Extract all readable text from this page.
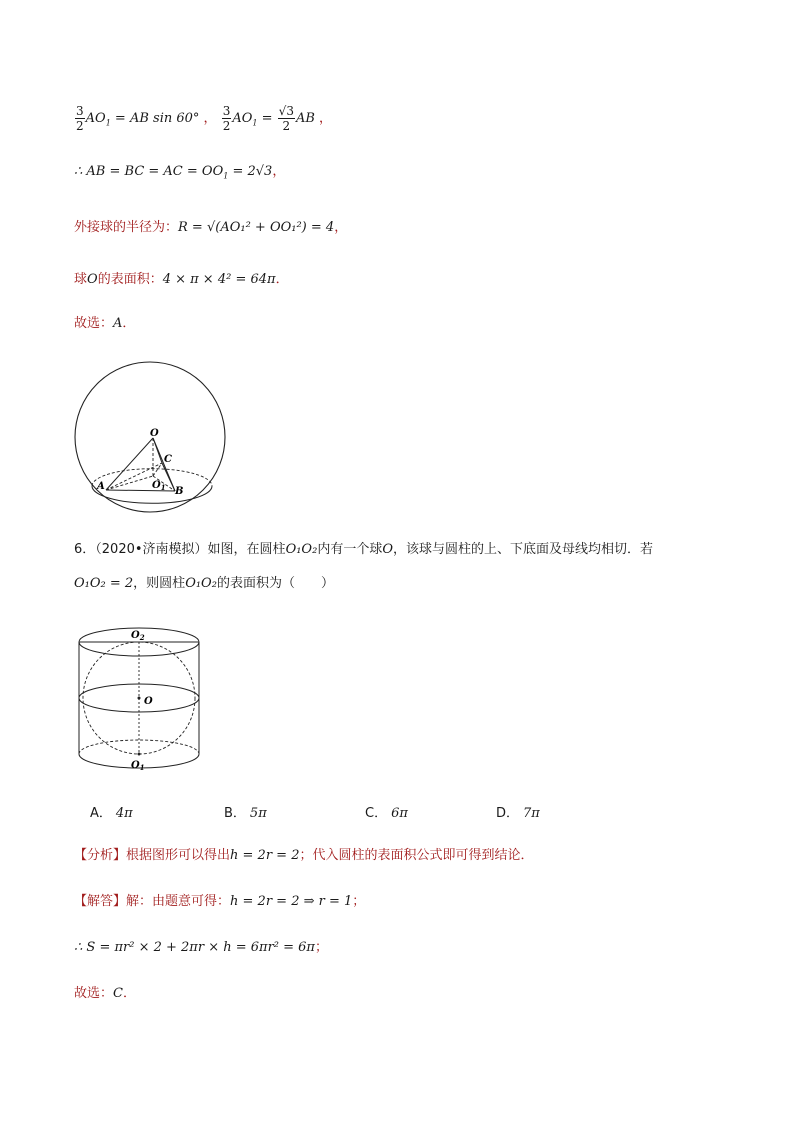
$\frac{3}{2} AO_1$ = AB sin 60° ， $\frac{3}{2} AO_1 = \frac{√3}{2}$ AB ，
∴ AB = BC = AC = $OO_1 = 2√3$，
外接球的半径为：R = √(AO₁² + OO₁²) = 4，
球O的表面积：4 × π × 4² = 64π．
故选：A．
O
C
A	$O_1$ B
6．（2020•济南模拟）如图，在圆柱O₁O₂内有一个球O，该球与圆柱的上、下底面及母线均相切．若
O₁O₂ = 2，则圆柱O₁O₂的表面积为（　　）
$O_2$
O
$O_1$
A． 4π	B． 5π	C． 6π	D． 7π
【分析】根据图形可以得出h = 2r = 2；代入圆柱的表面积公式即可得到结论．
【解答】解：由题意可得：h = 2r = 2 ⇒ r = 1；
∴ S = πr² × 2 + 2πr × h = 6πr² = 6π；
故选：C．
